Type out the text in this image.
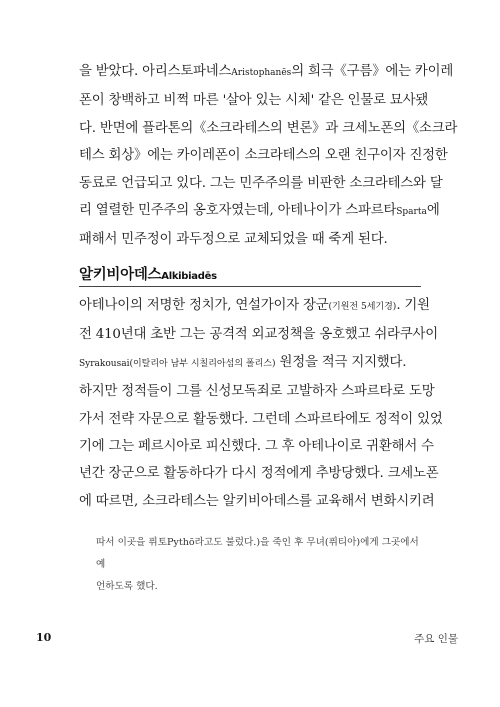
을 받았다. 아리스토파네스Aristophanēs의 희극《구름》에는 카이레
폰이 창백하고 비쩍 마른 '살아 있는 시체' 같은 인물로 묘사됐
다. 반면에 플라톤의《소크라테스의 변론》과 크세노폰의《소크라
테스 회상》에는 카이레폰이 소크라테스의 오랜 친구이자 진정한
동료로 언급되고 있다. 그는 민주주의를 비판한 소크라테스와 달
리 열렬한 민주주의 옹호자였는데, 아테나이가 스파르타Sparta에
패해서 민주정이 과두정으로 교체되었을 때 죽게 된다.
알키비아데스Alkibiadēs
아테나이의 저명한 정치가, 연설가이자 장군(기원전 5세기경). 기원
전 410년대 초반 그는 공격적 외교정책을 옹호했고 쉬라쿠사이
Syrakousai(이탈리아 남부 시칠리아섬의 폴리스) 원정을 적극 지지했다.
하지만 정적들이 그를 신성모독죄로 고발하자 스파르타로 도망
가서 전략 자문으로 활동했다. 그런데 스파르타에도 정적이 있었
기에 그는 페르시아로 피신했다. 그 후 아테나이로 귀환해서 수
년간 장군으로 활동하다가 다시 정적에게 추방당했다. 크세노폰
에 따르면, 소크라테스는 알키비아데스를 교육해서 변화시키려
따서 이곳을 퓌토Pythō라고도 불렀다.)을 죽인 후 무녀(퓌티아)에게 그곳에서 예
언하도록 했다.
10	주요 인물
